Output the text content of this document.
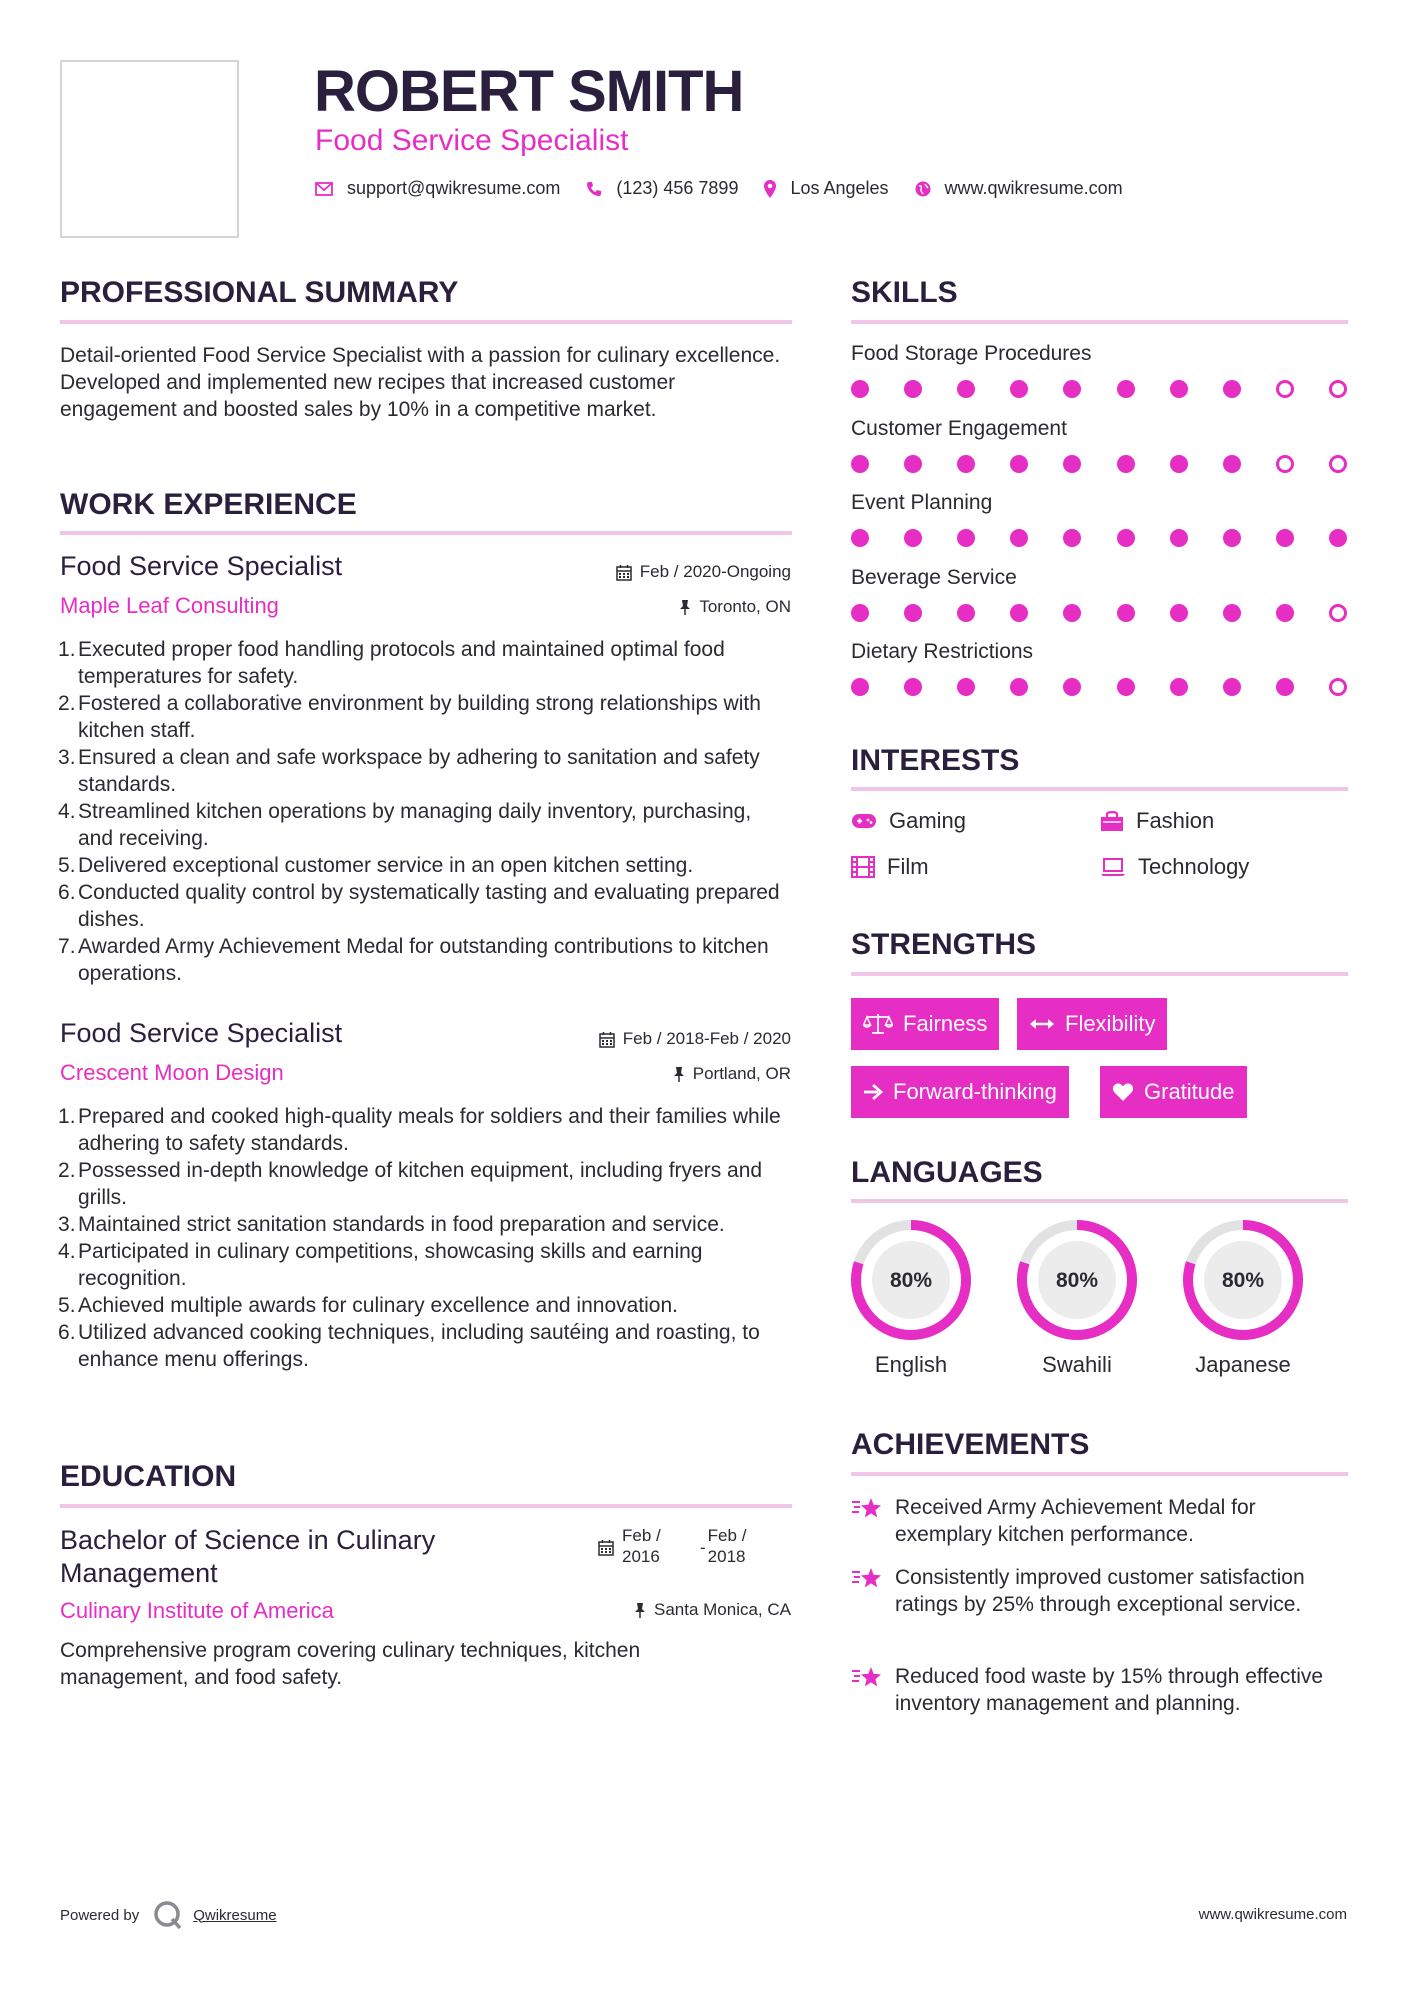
ROBERT SMITH
Food Service Specialist
support@qwikresume.com	(123) 456 7899	Los Angeles	www.qwikresume.com
PROFESSIONAL SUMMARY
Detail-oriented Food Service Specialist with a passion for culinary excellence. Developed and implemented new recipes that increased customer engagement and boosted sales by 10% in a competitive market.
WORK EXPERIENCE
Food Service Specialist
Maple Leaf Consulting
Feb / 2020-Ongoing
Toronto, ON
Executed proper food handling protocols and maintained optimal food temperatures for safety.
Fostered a collaborative environment by building strong relationships with kitchen staff.
Ensured a clean and safe workspace by adhering to sanitation and safety standards.
Streamlined kitchen operations by managing daily inventory, purchasing, and receiving.
Delivered exceptional customer service in an open kitchen setting.
Conducted quality control by systematically tasting and evaluating prepared dishes.
Awarded Army Achievement Medal for outstanding contributions to kitchen operations.
Food Service Specialist
Crescent Moon Design
Feb / 2018-Feb / 2020
Portland, OR
Prepared and cooked high-quality meals for soldiers and their families while adhering to safety standards.
Possessed in-depth knowledge of kitchen equipment, including fryers and grills.
Maintained strict sanitation standards in food preparation and service.
Participated in culinary competitions, showcasing skills and earning recognition.
Achieved multiple awards for culinary excellence and innovation.
Utilized advanced cooking techniques, including sautéing and roasting, to enhance menu offerings.
EDUCATION
Bachelor of Science in Culinary Management
Feb /
2016	-
Feb /
2018
Culinary Institute of America	Santa Monica, CA
Comprehensive program covering culinary techniques, kitchen management, and food safety.
SKILLS
Food Storage Procedures
Customer Engagement
Event Planning
Beverage Service
Dietary Restrictions
INTERESTS
Gaming	Fashion
Film	Technology
STRENGTHS
Fairness	Flexibility
Forward-thinking	Gratitude
LANGUAGES
80%
English
80%
Swahili
80%
Japanese
ACHIEVEMENTS
Received Army Achievement Medal for exemplary kitchen performance.
Consistently improved customer satisfaction ratings by 25% through exceptional service.
Reduced food waste by 15% through effective inventory management and planning.
Powered by	Qwikresume	www.qwikresume.com
